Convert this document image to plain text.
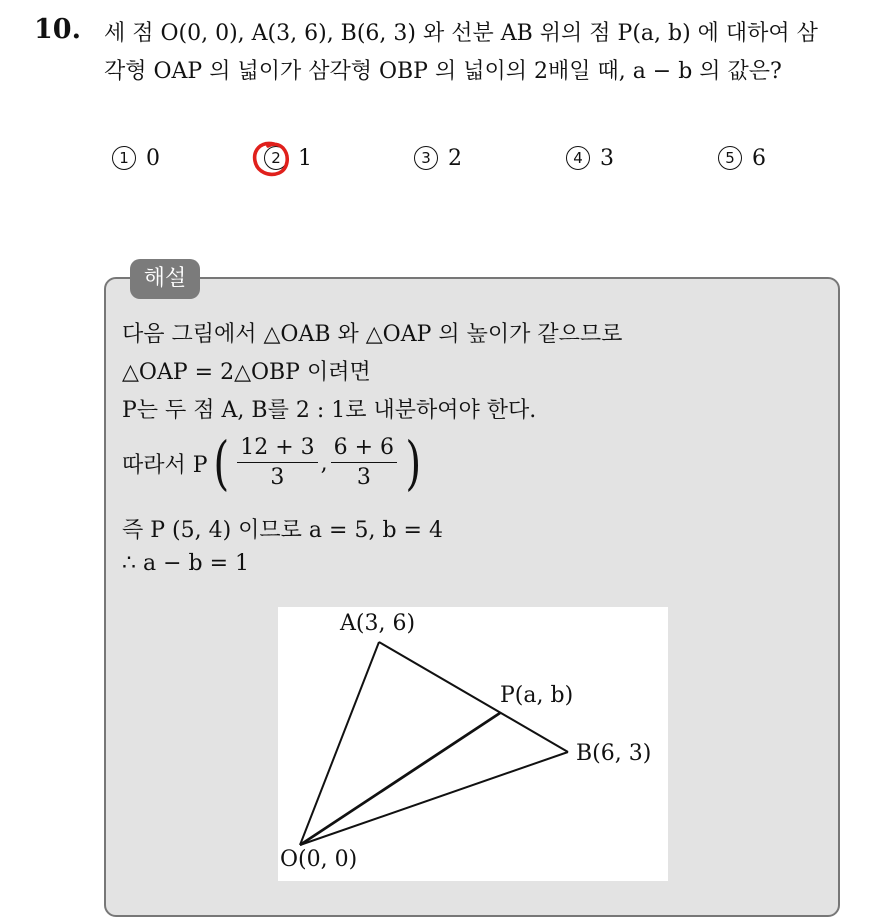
10. 세 점 O(0, 0), A(3, 6), B(6, 3) 와 선분 AB 위의 점 P(a, b) 에 대하여 삼
각형 OAP 의 넓이가 삼각형 OBP 의 넓이의 2배일 때, a − b 의 값은?
1 0	2 1	3 2	4 3	5 6
해설
다음 그림에서 △OAB 와 △OAP 의 높이가 같으므로
△OAP = 2△OBP 이려면
P는 두 점 A, B를 2 : 1로 내분하여야 한다.
따라서 P ( $\frac{12 + 3}{3}$ , $\frac{6 + 6}{3}$ )
즉 P (5, 4) 이므로 a = 5, b = 4
∴ a − b = 1
A(3, 6)
P(a, b)
B(6, 3)
O(0, 0)
